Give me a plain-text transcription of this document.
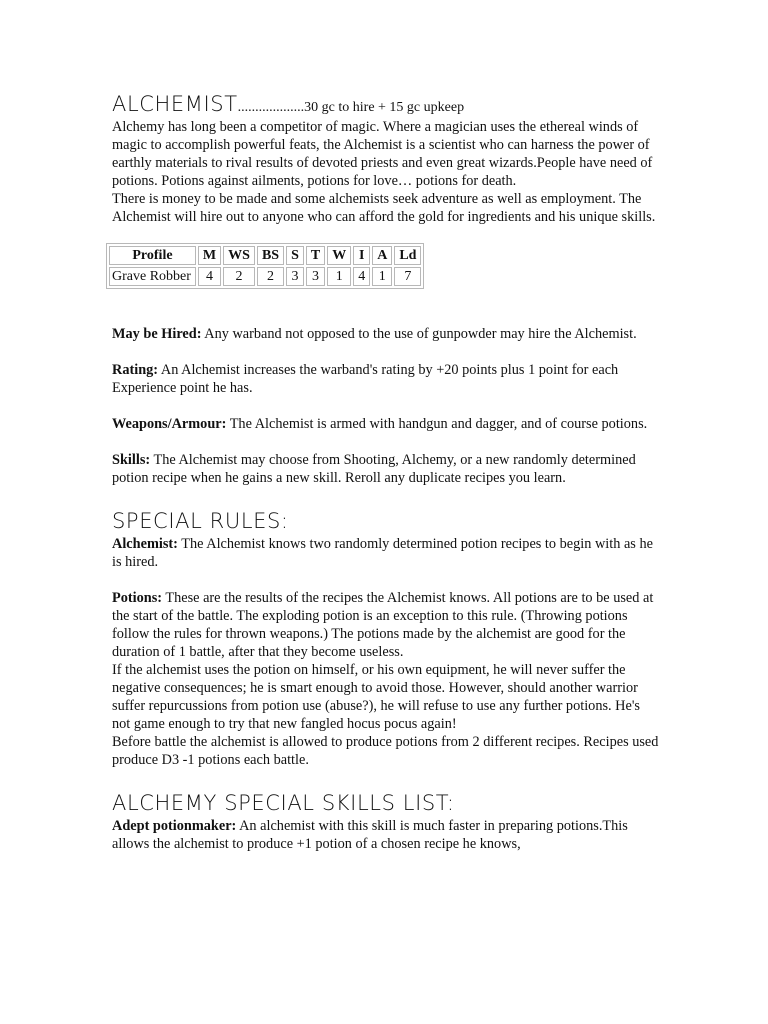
ALCHEMIST...................30 gc to hire + 15 gc upkeep

Alchemy has long been a competitor of magic. Where a magician uses the ethereal winds of magic to accomplish powerful feats, the Alchemist is a scientist who can harness the power of earthly materials to rival results of devoted priests and even great wizards.People have need of potions. Potions against ailments, potions for love… potions for death.

There is money to be made and some alchemists seek adventure as well as employment. The Alchemist will hire out to anyone who can afford the gold for ingredients and his unique skills.

Profile	M	WS	BS	S	T	W	I	A	Ld
Grave Robber	4	2	2	3	3	1	4	1	7

May be Hired: Any warband not opposed to the use of gunpowder may hire the Alchemist.

Rating: An Alchemist increases the warband's rating by +20 points plus 1 point for each Experience point he has.

Weapons/Armour: The Alchemist is armed with handgun and dagger, and of course potions.

Skills: The Alchemist may choose from Shooting, Alchemy, or a new randomly determined potion recipe when he gains a new skill. Reroll any duplicate recipes you learn.

SPECIAL RULES:

Alchemist: The Alchemist knows two randomly determined potion recipes to begin with as he is hired.

Potions: These are the results of the recipes the Alchemist knows. All potions are to be used at the start of the battle. The exploding potion is an exception to this rule. (Throwing potions follow the rules for thrown weapons.) The potions made by the alchemist are good for the duration of 1 battle, after that they become useless.

If the alchemist uses the potion on himself, or his own equipment, he will never suffer the negative consequences; he is smart enough to avoid those. However, should another warrior suffer repurcussions from potion use (abuse?), he will refuse to use any further potions. He's not game enough to try that new fangled hocus pocus again!

Before battle the alchemist is allowed to produce potions from 2 different recipes. Recipes used produce D3 -1 potions each battle.

ALCHEMY SPECIAL SKILLS LIST:

Adept potionmaker: An alchemist with this skill is much faster in preparing potions.This allows the alchemist to produce +1 potion of a chosen recipe he knows,
